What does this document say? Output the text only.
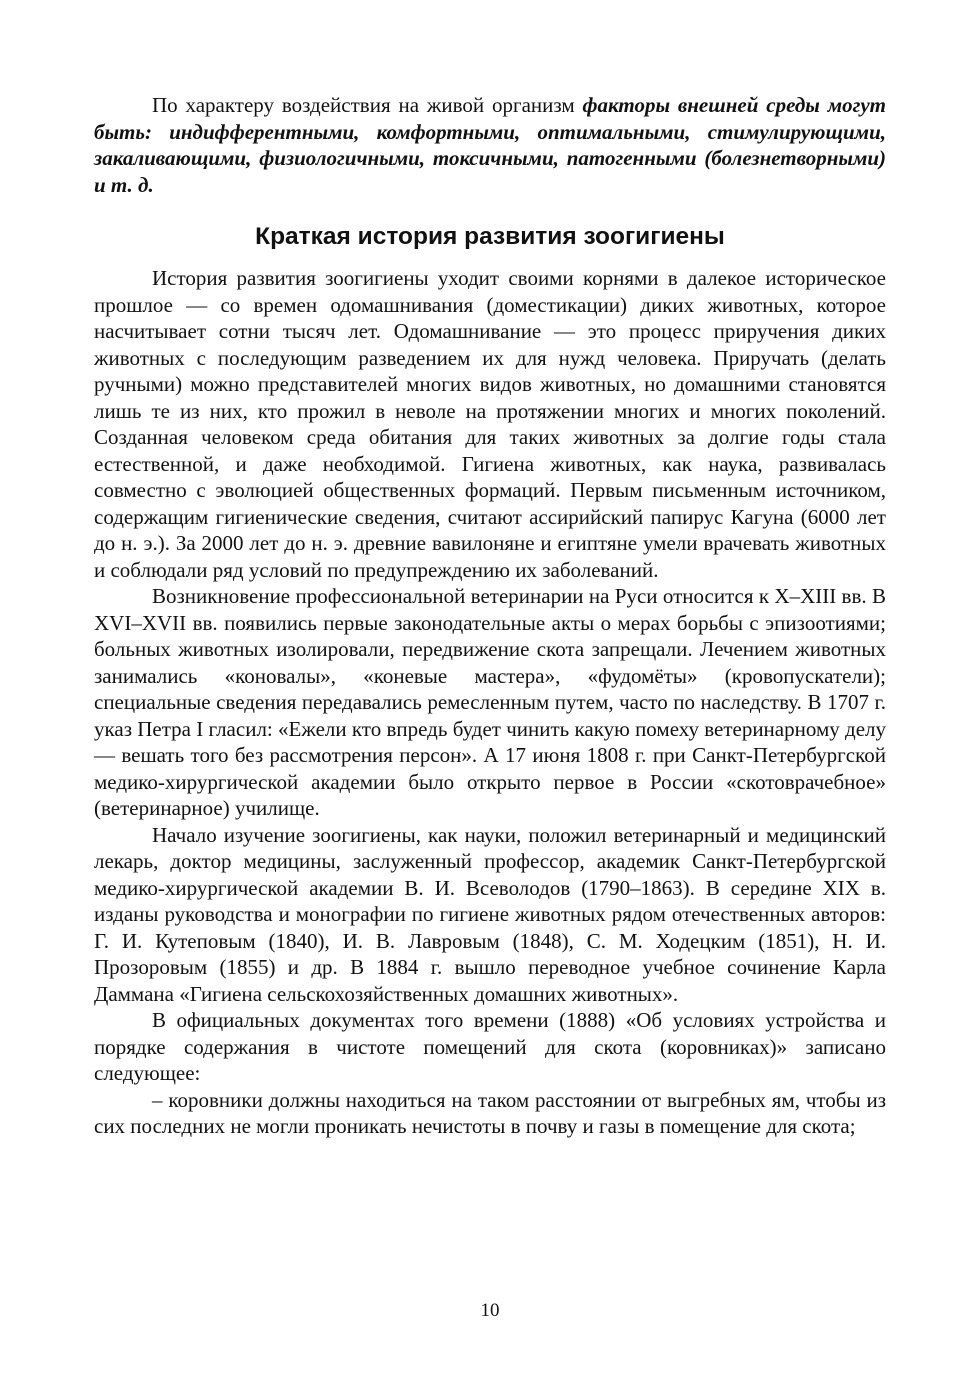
По характеру воздействия на живой организм факторы внешней среды могут быть: индифферентными, комфортными, оптимальными, стимулирующими, закаливающими, физиологичными, токсичными, патогенными (болезнетворными) и т. д.

Краткая история развития зоогигиены

История развития зоогигиены уходит своими корнями в далекое историческое прошлое — со времен одомашнивания (доместикации) диких животных, которое насчитывает сотни тысяч лет. Одомашнивание — это процесс приручения диких животных с последующим разведением их для нужд человека. Приручать (делать ручными) можно представителей многих видов животных, но домашними становятся лишь те из них, кто прожил в неволе на протяжении многих и многих поколений. Созданная человеком среда обитания для таких животных за долгие годы стала естественной, и даже необходимой. Гигиена животных, как наука, развивалась совместно с эволюцией общественных формаций. Первым письменным источником, содержащим гигиенические сведения, считают ассирийский папирус Кагуна (6000 лет до н. э.). За 2000 лет до н. э. древние вавилоняне и египтяне умели врачевать животных и соблюдали ряд условий по предупреждению их заболеваний.

Возникновение профессиональной ветеринарии на Руси относится к X–XIII вв. В XVI–XVII вв. появились первые законодательные акты о мерах борьбы с эпизоотиями; больных животных изолировали, передвижение скота запрещали. Лечением животных занимались «коновалы», «коневые мастера», «фудомёты» (кровопускатели); специальные сведения передавались ремесленным путем, часто по наследству. В 1707 г. указ Петра I гласил: «Ежели кто впредь будет чинить какую помеху ветеринарному делу — вешать того без рассмотрения персон». А 17 июня 1808 г. при Санкт-Петербургской медико-хирургической академии было открыто первое в России «скотоврачебное» (ветеринарное) училище.

Начало изучение зоогигиены, как науки, положил ветеринарный и медицинский лекарь, доктор медицины, заслуженный профессор, академик Санкт-Петербургской медико-хирургической академии В. И. Всеволодов (1790–1863). В середине XIX в. изданы руководства и монографии по гигиене животных рядом отечественных авторов: Г. И. Кутеповым (1840), И. В. Лавровым (1848), С. М. Ходецким (1851), Н. И. Прозоровым (1855) и др. В 1884 г. вышло переводное учебное сочинение Карла Даммана «Гигиена сельскохозяйственных домашних животных».

В официальных документах того времени (1888) «Об условиях устройства и порядке содержания в чистоте помещений для скота (коровниках)» записано следующее:

– коровники должны находиться на таком расстоянии от выгребных ям, чтобы из сих последних не могли проникать нечистоты в почву и газы в помещение для скота;

10
